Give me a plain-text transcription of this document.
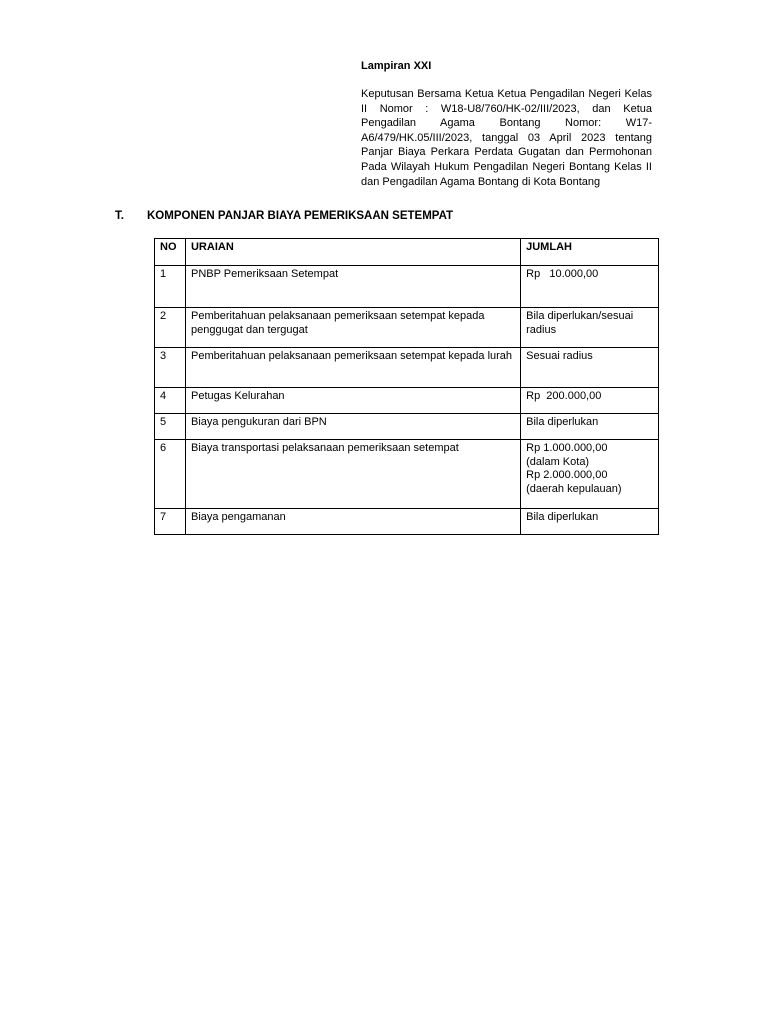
Lampiran XXI

Keputusan Bersama Ketua Ketua Pengadilan Negeri Kelas II Nomor : W18-U8/760/HK-02/III/2023, dan Ketua Pengadilan Agama Bontang Nomor: W17-A6/479/HK.05/III/2023, tanggal 03 April 2023 tentang Panjar Biaya Perkara Perdata Gugatan dan Permohonan Pada Wilayah Hukum Pengadilan Negeri Bontang Kelas II dan Pengadilan Agama Bontang di Kota Bontang

T. KOMPONEN PANJAR BIAYA PEMERIKSAAN SETEMPAT
NO	URAIAN	JUMLAH
1	PNBP Pemeriksaan Setempat	Rp   10.000,00
2	Pemberitahuan pelaksanaan pemeriksaan setempat kepada penggugat dan tergugat	Bila diperlukan/sesuai radius
3	Pemberitahuan pelaksanaan pemeriksaan setempat kepada lurah	Sesuai radius
4	Petugas Kelurahan	Rp  200.000,00
5	Biaya pengukuran dari BPN	Bila diperlukan
6	Biaya transportasi pelaksanaan pemeriksaan setempat	Rp 1.000.000,00
(dalam Kota)
Rp 2.000.000,00
(daerah kepulauan)

7	Biaya pengamanan	Bila diperlukan
